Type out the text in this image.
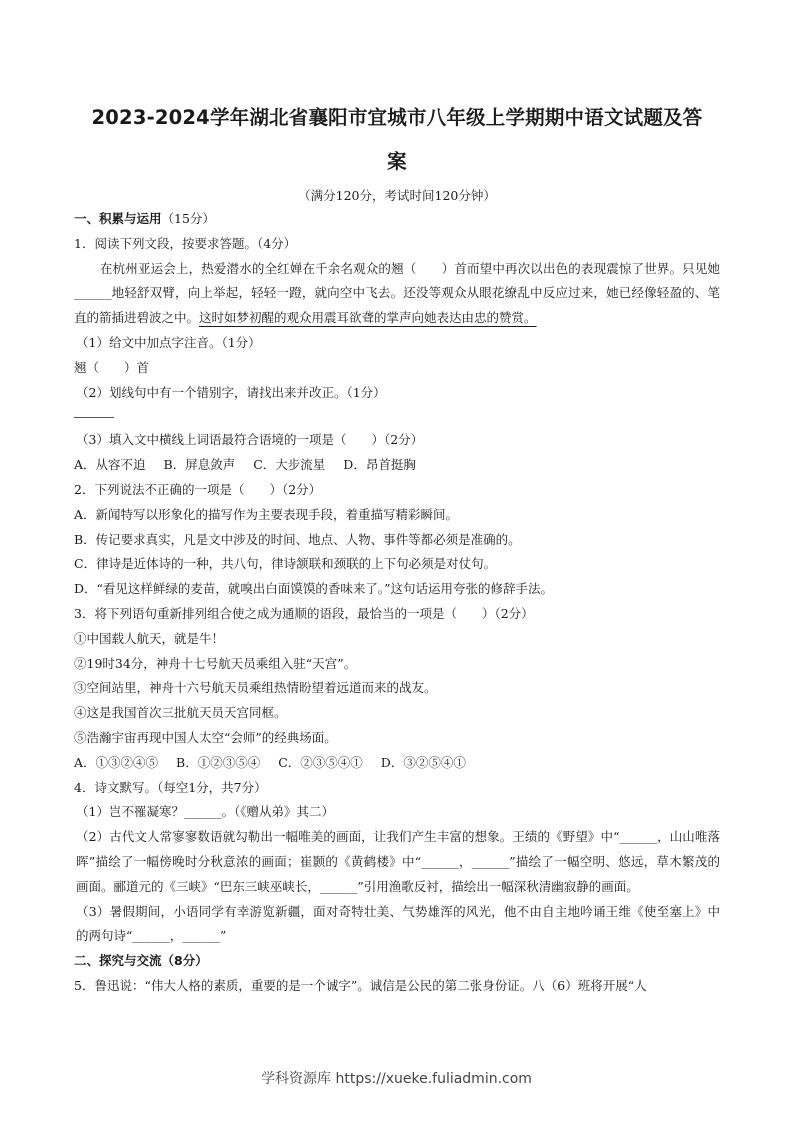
2023-2024学年湖北省襄阳市宜城市八年级上学期期中语文试题及答
案

（满分120分，考试时间120分钟）

一、积累与运用（15分）

1．阅读下列文段，按要求答题。（4分）

在杭州亚运会上，热爱潜水的全红婵在千余名观众的翘（　　）首而望中再次以出色的表现震惊了世界。只见她______地轻舒双臂，向上举起，轻轻一蹬，就向空中飞去。还没等观众从眼花缭乱中反应过来，她已经像轻盈的、笔直的箭插进碧波之中。这时如梦初醒的观众用震耳欲聋的掌声向她表达由忠的赞赏。

（1）给文中加点字注音。（1分）

翘（　　）首

（2）划线句中有一个错别字，请找出来并改正。（1分）

（3）填入文中横线上词语最符合语境的一项是（　　）（2分）

A．从容不迫 B．屏息敛声 C．大步流星 D．昂首挺胸

2．下列说法不正确的一项是（　　）（2分）

A．新闻特写以形象化的描写作为主要表现手段，着重描写精彩瞬间。

B．传记要求真实，凡是文中涉及的时间、地点、人物、事件等都必须是准确的。

C．律诗是近体诗的一种，共八句，律诗颔联和颈联的上下句必须是对仗句。

D．“看见这样鲜绿的麦苗，就嗅出白面馍馍的香味来了。”这句话运用夸张的修辞手法。

3．将下列语句重新排列组合使之成为通顺的语段，最恰当的一项是（　　）（2分）

①中国载人航天，就是牛！

②19时34分，神舟十七号航天员乘组入驻“天宫”。

③空间站里，神舟十六号航天员乘组热情盼望着远道而来的战友。

④这是我国首次三批航天员天宫同框。

⑤浩瀚宇宙再现中国人太空“会师”的经典场面。

A．①③②④⑤ B．①②③⑤④ C．②③⑤④① D．③②⑤④①

4．诗文默写。（每空1分，共7分）

（1）岂不罹凝寒？______。（《赠从弟》其二）

（2）古代文人常寥寥数语就勾勒出一幅唯美的画面，让我们产生丰富的想象。王绩的《野望》中“______，山山唯落晖”描绘了一幅傍晚时分秋意浓的画面；崔颢的《黄鹤楼》中“______，______”描绘了一幅空明、悠远，草木繁茂的画面。郦道元的《三峡》“巴东三峡巫峡长，______”引用渔歌反衬，描绘出一幅深秋清幽寂静的画面。

（3）暑假期间，小语同学有幸游览新疆，面对奇特壮美、气势雄浑的风光，他不由自主地吟诵王维《使至塞上》中的两句诗“______，______”

二、探究与交流（8分）

5．鲁迅说：“伟大人格的素质，重要的是一个诚字”。诚信是公民的第二张身份证。八（6）班将开展“人

学科资源库 https://xueke.fuliadmin.com
